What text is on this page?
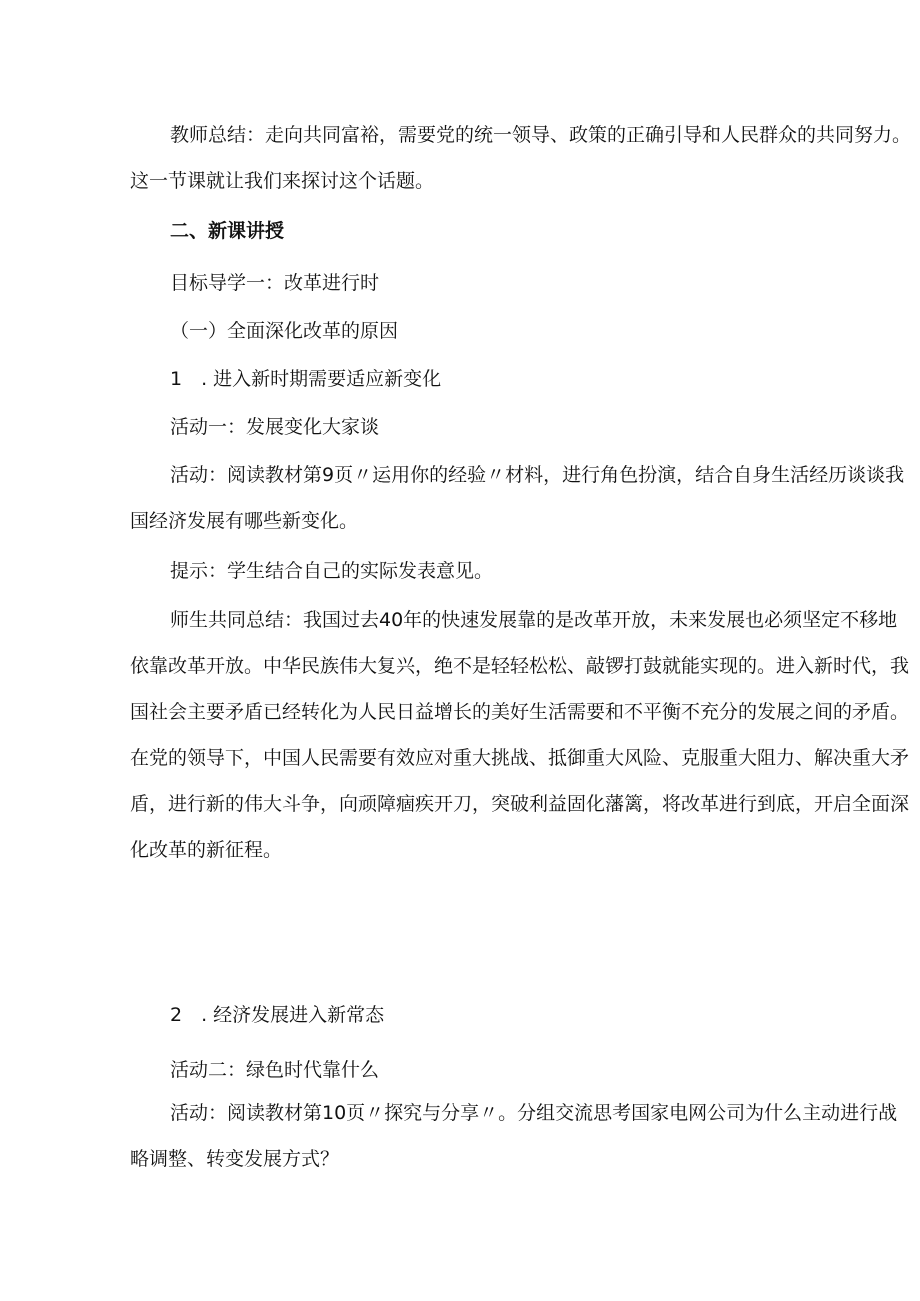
教师总结：走向共同富裕，需要党的统一领导、政策的正确引导和人民群众的共同努力。这一节课就让我们来探讨这个话题。
二、新课讲授
目标导学一：改革进行时
（一）全面深化改革的原因
1　. 进入新时期需要适应新变化
活动一：发展变化大家谈
活动：阅读教材第9页〃运用你的经验〃材料，进行角色扮演，结合自身生活经历谈谈我国经济发展有哪些新变化。
提示：学生结合自己的实际发表意见。
师生共同总结：我国过去40年的快速发展靠的是改革开放，未来发展也必须坚定不移地依靠改革开放。中华民族伟大复兴，绝不是轻轻松松、敲锣打鼓就能实现的。进入新时代，我国社会主要矛盾已经转化为人民日益增长的美好生活需要和不平衡不充分的发展之间的矛盾。在党的领导下，中国人民需要有效应对重大挑战、抵御重大风险、克服重大阻力、解决重大矛盾，进行新的伟大斗争，向顽障痼疾开刀，突破利益固化藩篱，将改革进行到底，开启全面深化改革的新征程。
2　. 经济发展进入新常态
活动二：绿色时代靠什么
活动：阅读教材第10页〃探究与分享〃。分组交流思考国家电网公司为什么主动进行战略调整、转变发展方式？
